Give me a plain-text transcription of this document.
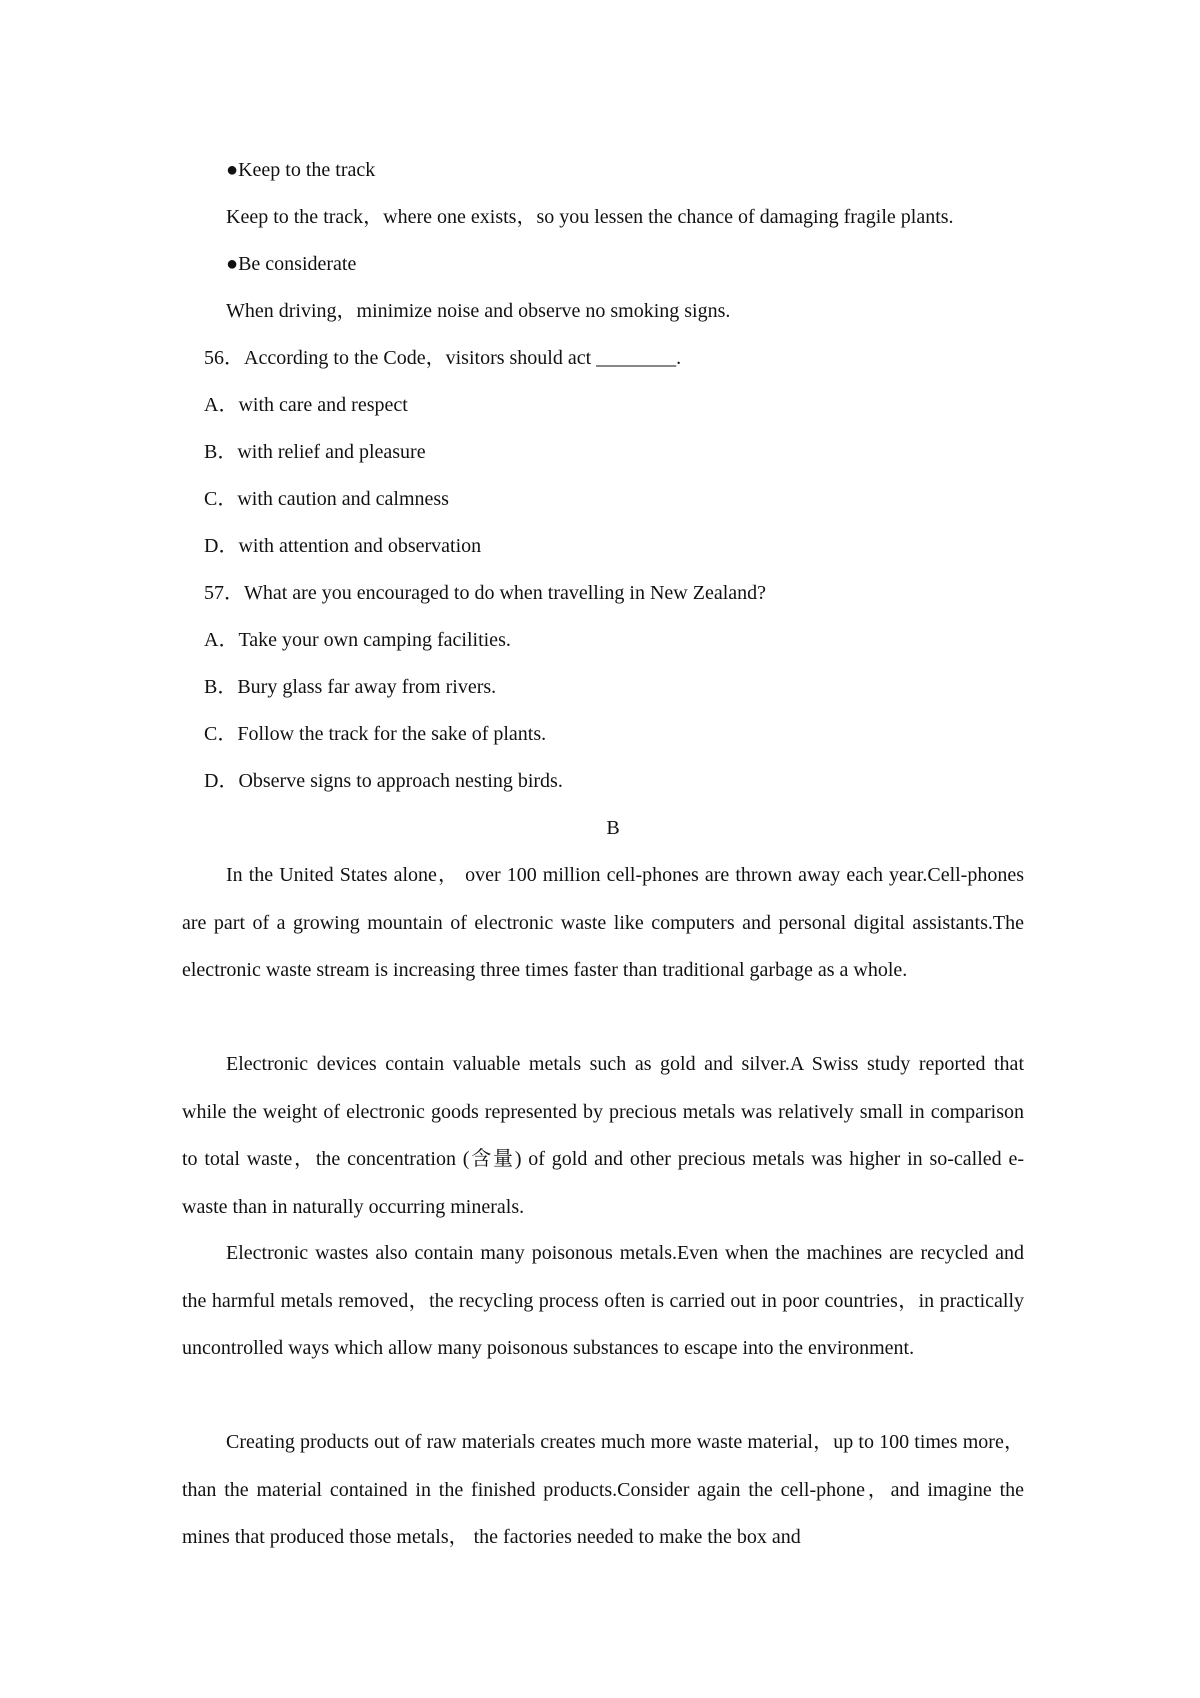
●Keep to the track
Keep to the track，where one exists，so you lessen the chance of damaging fragile plants.
●Be considerate
When driving，minimize noise and observe no smoking signs.
56．According to the Code，visitors should act ________.
A．with care and respect
B．with relief and pleasure
C．with caution and calmness
D．with attention and observation
57．What are you encouraged to do when travelling in New Zealand?
A．Take your own camping facilities.
B．Bury glass far away from rivers.
C．Follow the track for the sake of plants.
D．Observe signs to approach nesting birds.
B

In the United States alone， over 100 million cell-phones are thrown away each year.Cell-phones are part of a growing mountain of electronic waste like computers and personal digital assistants.The electronic waste stream is increasing three times faster than traditional garbage as a whole.

Electronic devices contain valuable metals such as gold and silver.A Swiss study reported that while the weight of electronic goods represented by precious metals was relatively small in comparison to total waste，the concentration (含量) of gold and other precious metals was higher in so-called e-waste than in naturally occurring minerals.

Electronic wastes also contain many poisonous metals.Even when the machines are recycled and the harmful metals removed，the recycling process often is carried out in poor countries，in practically uncontrolled ways which allow many poisonous substances to escape into the environment.

Creating products out of raw materials creates much more waste material，up to 100 times more，than the material contained in the finished products.Consider again the cell-phone，and imagine the mines that produced those metals， the factories needed to make the box and
